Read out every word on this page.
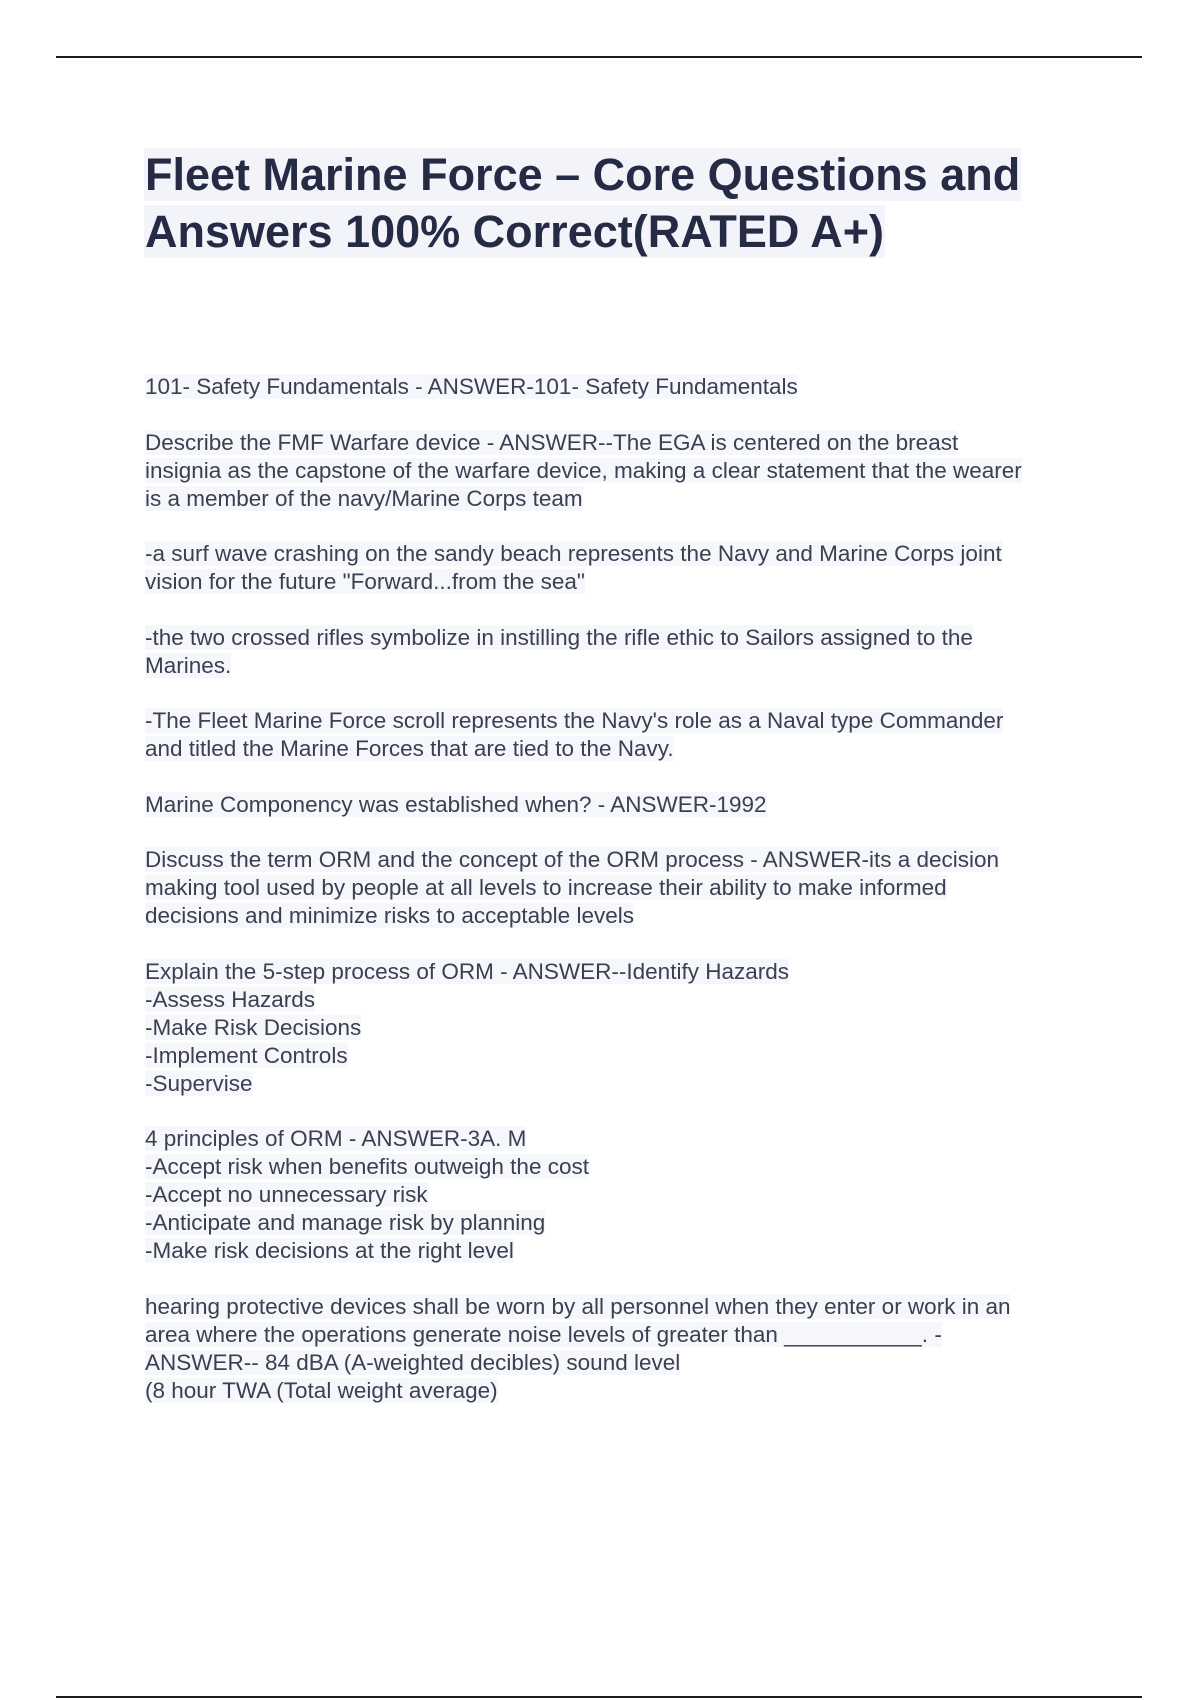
Fleet Marine Force – Core Questions and
Answers 100% Correct(RATED A+)

101- Safety Fundamentals - ANSWER-101- Safety Fundamentals

Describe the FMF Warfare device - ANSWER--The EGA is centered on the breast
insignia as the capstone of the warfare device, making a clear statement that the wearer
is a member of the navy/Marine Corps team

-a surf wave crashing on the sandy beach represents the Navy and Marine Corps joint
vision for the future "Forward...from the sea"

-the two crossed rifles symbolize in instilling the rifle ethic to Sailors assigned to the
Marines.

-The Fleet Marine Force scroll represents the Navy's role as a Naval type Commander
and titled the Marine Forces that are tied to the Navy.

Marine Componency was established when? - ANSWER-1992

Discuss the term ORM and the concept of the ORM process - ANSWER-its a decision
making tool used by people at all levels to increase their ability to make informed
decisions and minimize risks to acceptable levels

Explain the 5-step process of ORM - ANSWER--Identify Hazards
-Assess Hazards
-Make Risk Decisions
-Implement Controls
-Supervise

4 principles of ORM - ANSWER-3A. M
-Accept risk when benefits outweigh the cost
-Accept no unnecessary risk
-Anticipate and manage risk by planning
-Make risk decisions at the right level

hearing protective devices shall be worn by all personnel when they enter or work in an
area where the operations generate noise levels of greater than ___________. -
ANSWER-- 84 dBA (A-weighted decibles) sound level
(8 hour TWA (Total weight average)
